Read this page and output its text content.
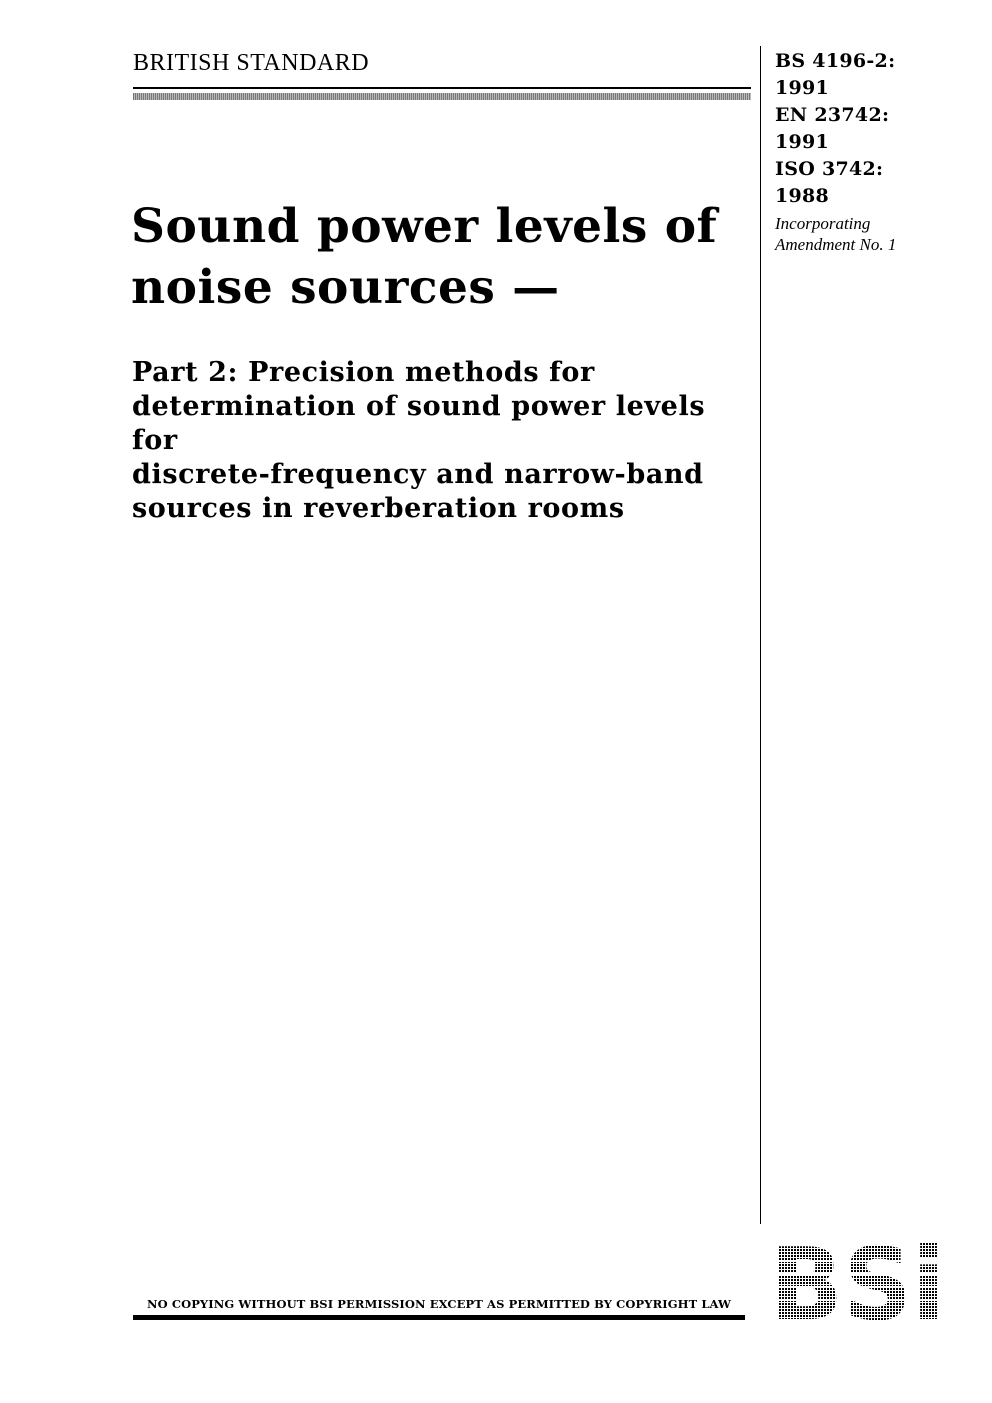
BRITISH STANDARD	BS 4196-2:
1991
EN 23742:
1991
ISO 3742:
1988
Incorporating
Amendment No. 1
Sound power levels of
noise sources —
Part 2: Precision methods for
determination of sound power levels for
discrete-frequency and narrow-band
sources in reverberation rooms
NO COPYING WITHOUT BSI PERMISSION EXCEPT AS PERMITTED BY COPYRIGHT LAW
